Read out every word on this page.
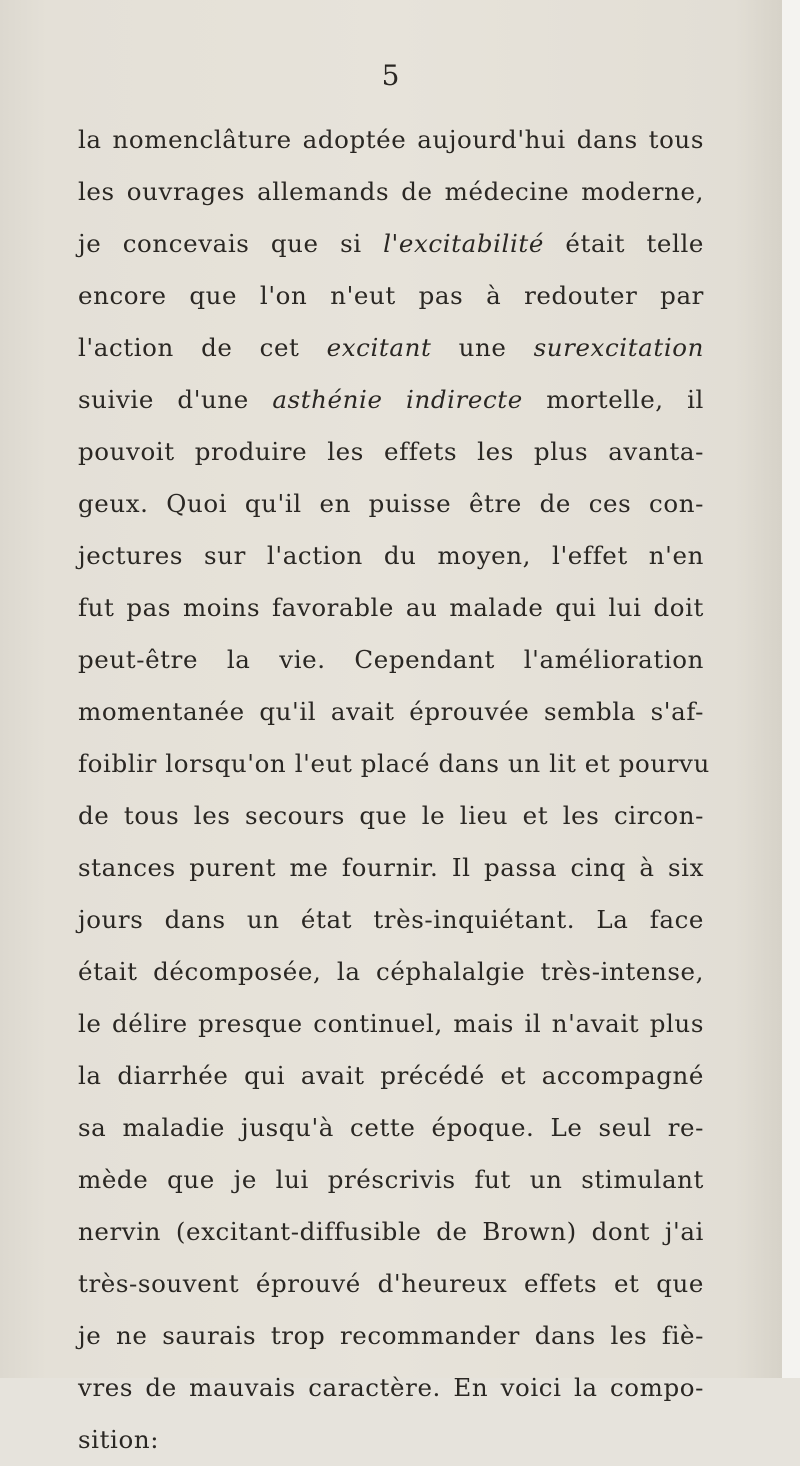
5
la nomenclâture adoptée aujourd'hui dans tous
les ouvrages allemands de médecine moderne,
je concevais que si l'excitabilité était telle
encore que l'on n'eut pas à redouter par
l'action de cet excitant une surexcitation
suivie d'une asthénie indirecte mortelle, il
pouvoit produire les effets les plus avanta-
geux. Quoi qu'il en puisse être de ces con-
jectures sur l'action du moyen, l'effet n'en
fut pas moins favorable au malade qui lui doit
peut-être la vie. Cependant l'amélioration
momentanée qu'il avait éprouvée sembla s'af-
foiblir lorsqu'on l'eut placé dans un lit et pourvu
de tous les secours que le lieu et les circon-
stances purent me fournir. Il passa cinq à six
jours dans un état très-inquiétant. La face
était décomposée, la céphalalgie très-intense,
le délire presque continuel, mais il n'avait plus
la diarrhée qui avait précédé et accompagné
sa maladie jusqu'à cette époque. Le seul re-
mède que je lui préscrivis fut un stimulant
nervin (excitant-diffusible de Brown) dont j'ai
très-souvent éprouvé d'heureux effets et que
je ne saurais trop recommander dans les fiè-
vres de mauvais caractère. En voici la compo-
sition:
